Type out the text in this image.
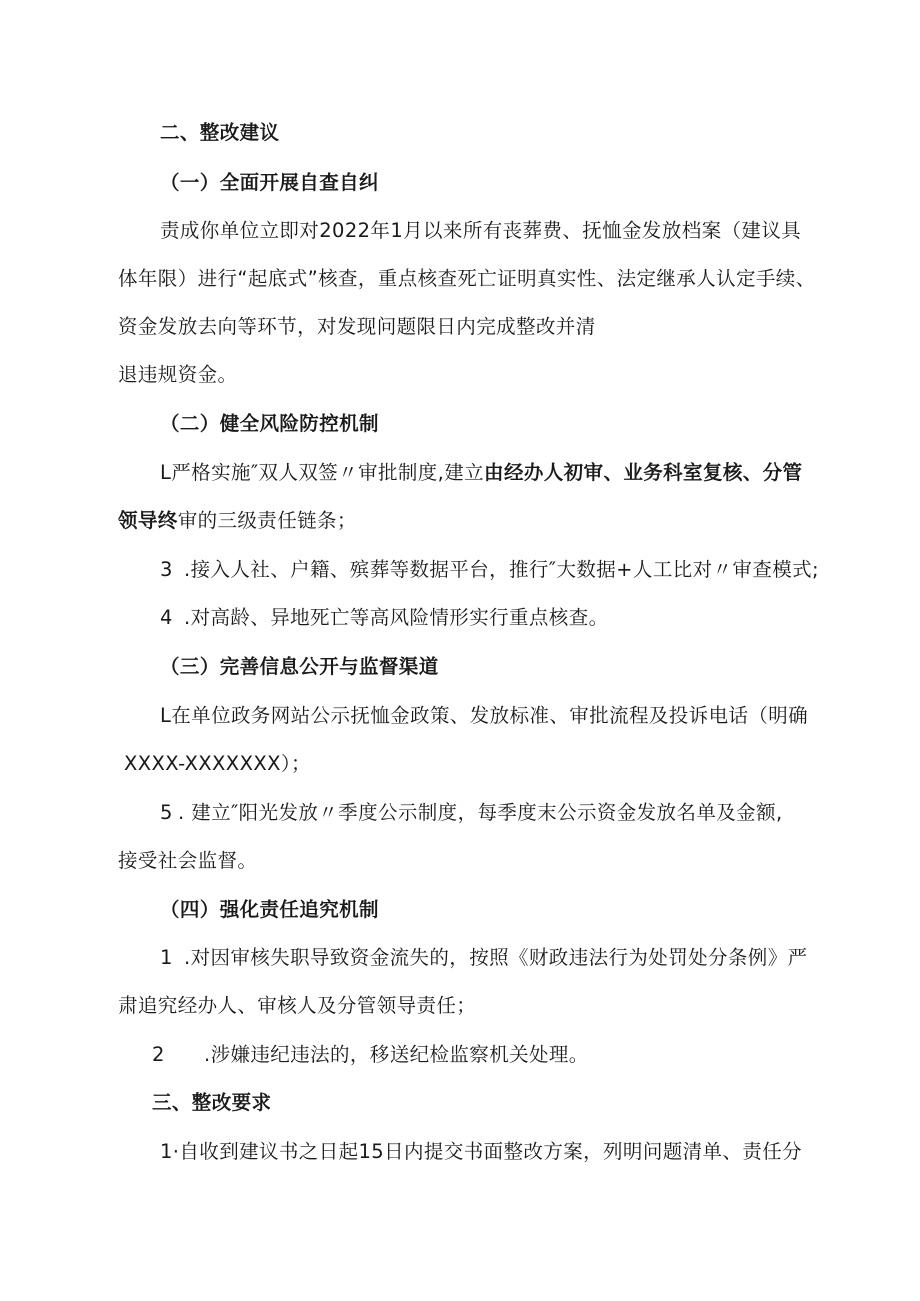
二、整改建议
（一）全面开展自查自纠
责成你单位立即对2022年1月以来所有丧葬费、抚恤金发放档案（建议具
体年限）进行“起底式”核查，重点核查死亡证明真实性、法定继承人认定手续、
资金发放去向等环节，对发现问题限日内完成整改并清
退违规资金。
（二）健全风险防控机制
L严格实施″双人双签〃审批制度,建立由经办人初审、业务科室复核、分管
领导终审的三级责任链条；
3 .接入人社、户籍、殡葬等数据平台，推行″大数据+人工比对〃审查模式;
4 .对高龄、异地死亡等高风险情形实行重点核查。
（三）完善信息公开与监督渠道
L在单位政务网站公示抚恤金政策、发放标准、审批流程及投诉电话（明确
XXXX-XXXXXXX）；
5 . 建立″阳光发放〃季度公示制度，每季度末公示资金发放名单及金额,
接受社会监督。
（四）强化责任追究机制
1 .对因审核失职导致资金流失的，按照《财政违法行为处罚处分条例》严
肃追究经办人、审核人及分管领导责任；
2 .涉嫌违纪违法的，移送纪检监察机关处理。
三、整改要求
1·自收到建议书之日起15日内提交书面整改方案，列明问题清单、责任分
